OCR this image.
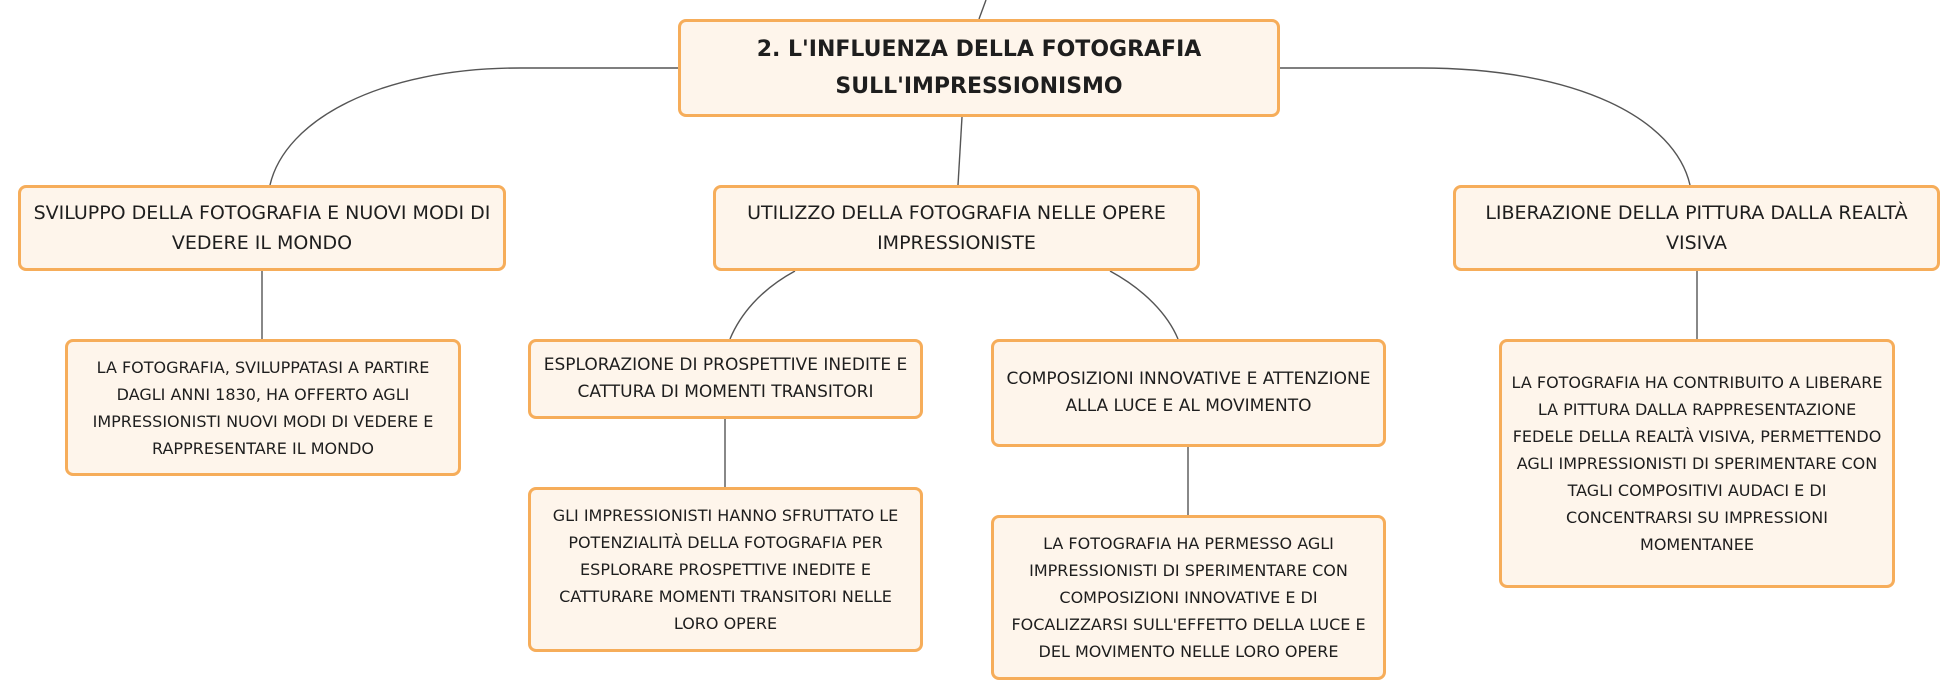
2. L'INFLUENZA DELLA FOTOGRAFIA SULL'IMPRESSIONISMO
SVILUPPO DELLA FOTOGRAFIA E NUOVI MODI DI VEDERE IL MONDO
UTILIZZO DELLA FOTOGRAFIA NELLE OPERE IMPRESSIONISTE
LIBERAZIONE DELLA PITTURA DALLA REALTÀ VISIVA
LA FOTOGRAFIA, SVILUPPATASI A PARTIRE DAGLI ANNI 1830, HA OFFERTO AGLI IMPRESSIONISTI NUOVI MODI DI VEDERE E RAPPRESENTARE IL MONDO
ESPLORAZIONE DI PROSPETTIVE INEDITE E CATTURA DI MOMENTI TRANSITORI
COMPOSIZIONI INNOVATIVE E ATTENZIONE ALLA LUCE E AL MOVIMENTO
GLI IMPRESSIONISTI HANNO SFRUTTATO LE POTENZIALITÀ DELLA FOTOGRAFIA PER ESPLORARE PROSPETTIVE INEDITE E CATTURARE MOMENTI TRANSITORI NELLE LORO OPERE
LA FOTOGRAFIA HA PERMESSO AGLI IMPRESSIONISTI DI SPERIMENTARE CON COMPOSIZIONI INNOVATIVE E DI FOCALIZZARSI SULL'EFFETTO DELLA LUCE E DEL MOVIMENTO NELLE LORO OPERE
LA FOTOGRAFIA HA CONTRIBUITO A LIBERARE LA PITTURA DALLA RAPPRESENTAZIONE FEDELE DELLA REALTÀ VISIVA, PERMETTENDO AGLI IMPRESSIONISTI DI SPERIMENTARE CON TAGLI COMPOSITIVI AUDACI E DI CONCENTRARSI SU IMPRESSIONI MOMENTANEE
